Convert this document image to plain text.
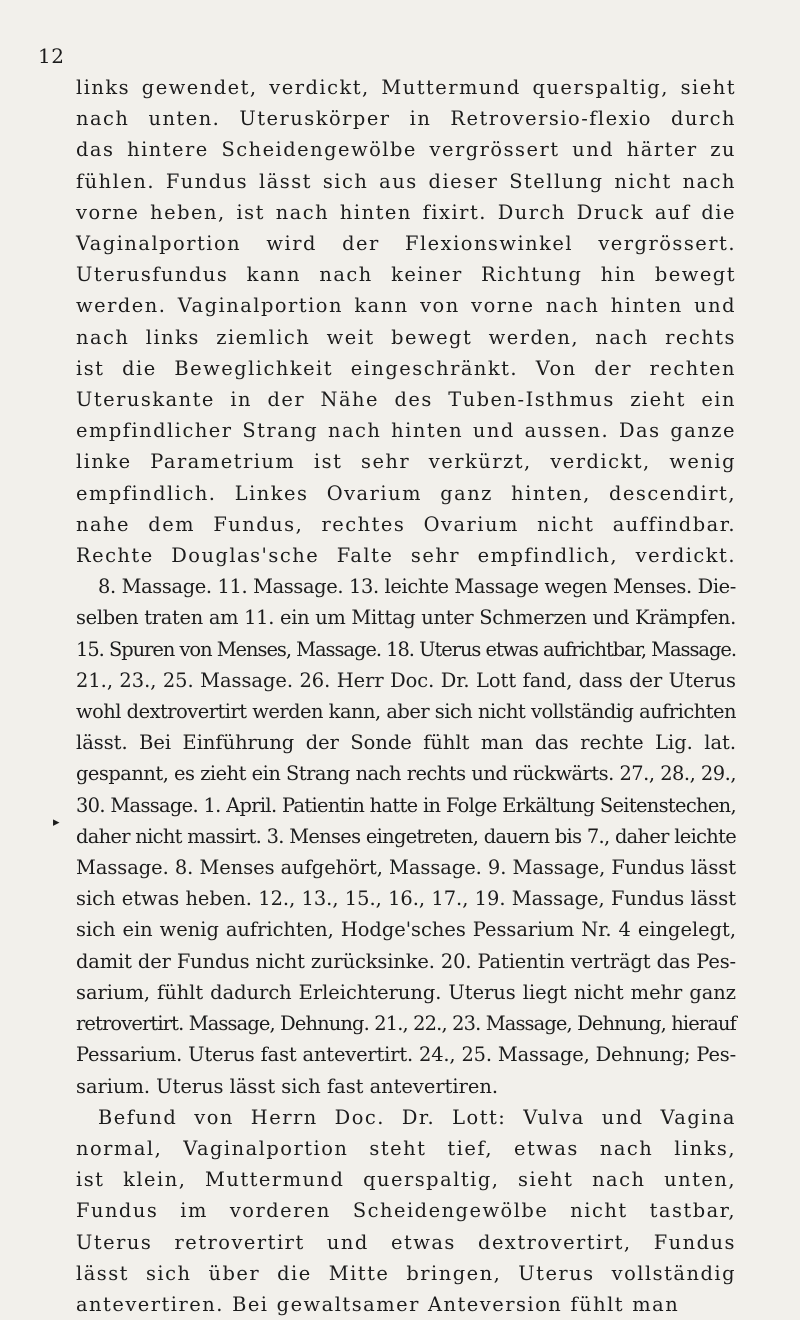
12
▸
links gewendet, verdickt, Muttermund querspaltig, sieht
nach unten. Uteruskörper in Retroversio-flexio durch
das hintere Scheidengewölbe vergrössert und härter zu
fühlen. Fundus lässt sich aus dieser Stellung nicht nach
vorne heben, ist nach hinten fixirt. Durch Druck auf die
Vaginalportion wird der Flexionswinkel vergrössert.
Uterusfundus kann nach keiner Richtung hin bewegt
werden. Vaginalportion kann von vorne nach hinten und
nach links ziemlich weit bewegt werden, nach rechts
ist die Beweglichkeit eingeschränkt. Von der rechten
Uteruskante in der Nähe des Tuben-Isthmus zieht ein
empfindlicher Strang nach hinten und aussen. Das ganze
linke Parametrium ist sehr verkürzt, verdickt, wenig
empfindlich. Linkes Ovarium ganz hinten, descendirt,
nahe dem Fundus, rechtes Ovarium nicht auffindbar.
Rechte Douglas'sche Falte sehr empfindlich, verdickt.
8. Massage. 11. Massage. 13. leichte Massage wegen Menses. Die-
selben traten am 11. ein um Mittag unter Schmerzen und Krämpfen.
15. Spuren von Menses, Massage. 18. Uterus etwas aufrichtbar, Massage.
21., 23., 25. Massage. 26. Herr Doc. Dr. Lott fand, dass der Uterus
wohl dextrovertirt werden kann, aber sich nicht vollständig aufrichten
lässt. Bei Einführung der Sonde fühlt man das rechte Lig. lat.
gespannt, es zieht ein Strang nach rechts und rückwärts. 27., 28., 29.,
30. Massage. 1. April. Patientin hatte in Folge Erkältung Seitenstechen,
daher nicht massirt. 3. Menses eingetreten, dauern bis 7., daher leichte
Massage. 8. Menses aufgehört, Massage. 9. Massage, Fundus lässt
sich etwas heben. 12., 13., 15., 16., 17., 19. Massage, Fundus lässt
sich ein wenig aufrichten, Hodge'sches Pessarium Nr. 4 eingelegt,
damit der Fundus nicht zurücksinke. 20. Patientin verträgt das Pes-
sarium, fühlt dadurch Erleichterung. Uterus liegt nicht mehr ganz
retrovertirt. Massage, Dehnung. 21., 22., 23. Massage, Dehnung, hierauf
Pessarium. Uterus fast antevertirt. 24., 25. Massage, Dehnung; Pes-
sarium. Uterus lässt sich fast antevertiren.
Befund von Herrn Doc. Dr. Lott: Vulva und Vagina
normal, Vaginalportion steht tief, etwas nach links,
ist klein, Muttermund querspaltig, sieht nach unten,
Fundus im vorderen Scheidengewölbe nicht tastbar,
Uterus retrovertirt und etwas dextrovertirt, Fundus
lässt sich über die Mitte bringen, Uterus vollständig
antevertiren. Bei gewaltsamer Anteversion fühlt man
